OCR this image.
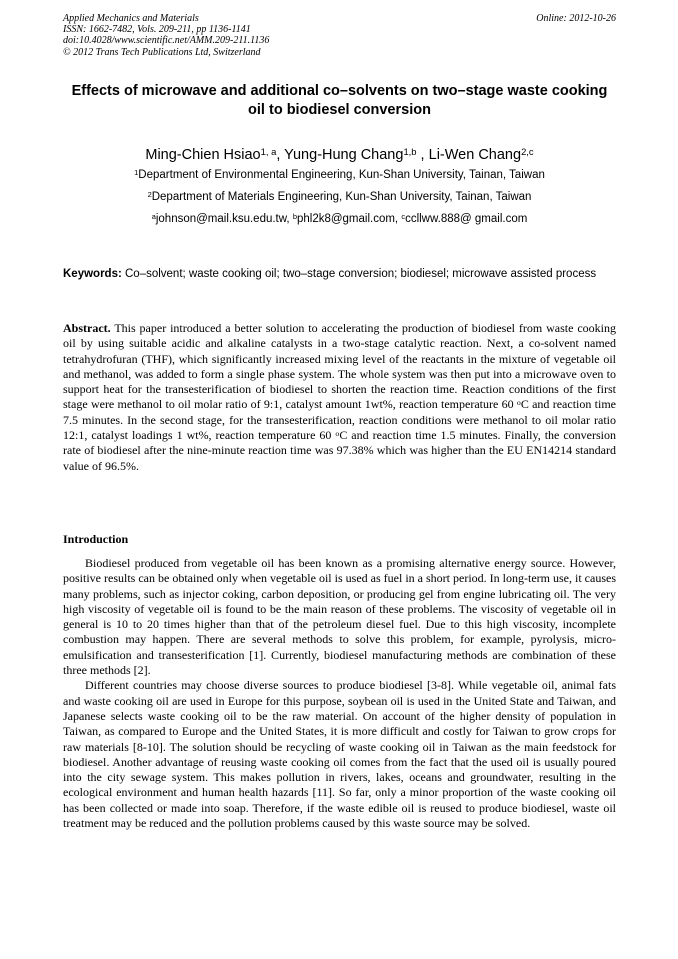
Applied Mechanics and Materials
ISSN: 1662-7482, Vols. 209-211, pp 1136-1141
doi:10.4028/www.scientific.net/AMM.209-211.1136
© 2012 Trans Tech Publications Ltd, Switzerland
Online: 2012-10-26
Effects of microwave and additional co–solvents on two–stage waste cooking oil to biodiesel conversion
Ming-Chien Hsiao$^{1, a}$, Yung-Hung Chang$^{1,b}$ , Li-Wen Chang$^{2,c}$
$^1$Department of Environmental Engineering, Kun-Shan University, Tainan, Taiwan
$^2$Department of Materials Engineering, Kun-Shan University, Tainan, Taiwan
$^a$johnson@mail.ksu.edu.tw, $^b$phl2k8@gmail.com, $^c$ccllww.888@ gmail.com
Keywords: Co–solvent; waste cooking oil; two–stage conversion; biodiesel; microwave assisted process
Abstract. This paper introduced a better solution to accelerating the production of biodiesel from waste cooking oil by using suitable acidic and alkaline catalysts in a two-stage catalytic reaction. Next, a co-solvent named tetrahydrofuran (THF), which significantly increased mixing level of the reactants in the mixture of vegetable oil and methanol, was added to form a single phase system. The whole system was then put into a microwave oven to support heat for the transesterification of biodiesel to shorten the reaction time. Reaction conditions of the first stage were methanol to oil molar ratio of 9:1, catalyst amount 1wt%, reaction temperature 60 $^o$C and reaction time 7.5 minutes. In the second stage, for the transesterification, reaction conditions were methanol to oil molar ratio 12:1, catalyst loadings 1 wt%, reaction temperature 60 $^o$C and reaction time 1.5 minutes. Finally, the conversion rate of biodiesel after the nine-minute reaction time was 97.38% which was higher than the EU EN14214 standard value of 96.5%.
Introduction

Biodiesel produced from vegetable oil has been known as a promising alternative energy source. However, positive results can be obtained only when vegetable oil is used as fuel in a short period. In long-term use, it causes many problems, such as injector coking, carbon deposition, or producing gel from engine lubricating oil. The very high viscosity of vegetable oil is found to be the main reason of these problems. The viscosity of vegetable oil in general is 10 to 20 times higher than that of the petroleum diesel fuel. Due to this high viscosity, incomplete combustion may happen. There are several methods to solve this problem, for example, pyrolysis, micro-emulsification and transesterification [1]. Currently, biodiesel manufacturing methods are combination of these three methods [2].

Different countries may choose diverse sources to produce biodiesel [3-8]. While vegetable oil, animal fats and waste cooking oil are used in Europe for this purpose, soybean oil is used in the United State and Taiwan, and Japanese selects waste cooking oil to be the raw material. On account of the higher density of population in Taiwan, as compared to Europe and the United States, it is more difficult and costly for Taiwan to grow crops for raw materials [8-10]. The solution should be recycling of waste cooking oil in Taiwan as the main feedstock for biodiesel. Another advantage of reusing waste cooking oil comes from the fact that the used oil is usually poured into the city sewage system. This makes pollution in rivers, lakes, oceans and groundwater, resulting in the ecological environment and human health hazards [11]. So far, only a minor proportion of the waste cooking oil has been collected or made into soap. Therefore, if the waste edible oil is reused to produce biodiesel, waste oil treatment may be reduced and the pollution problems caused by this waste source may be solved.
